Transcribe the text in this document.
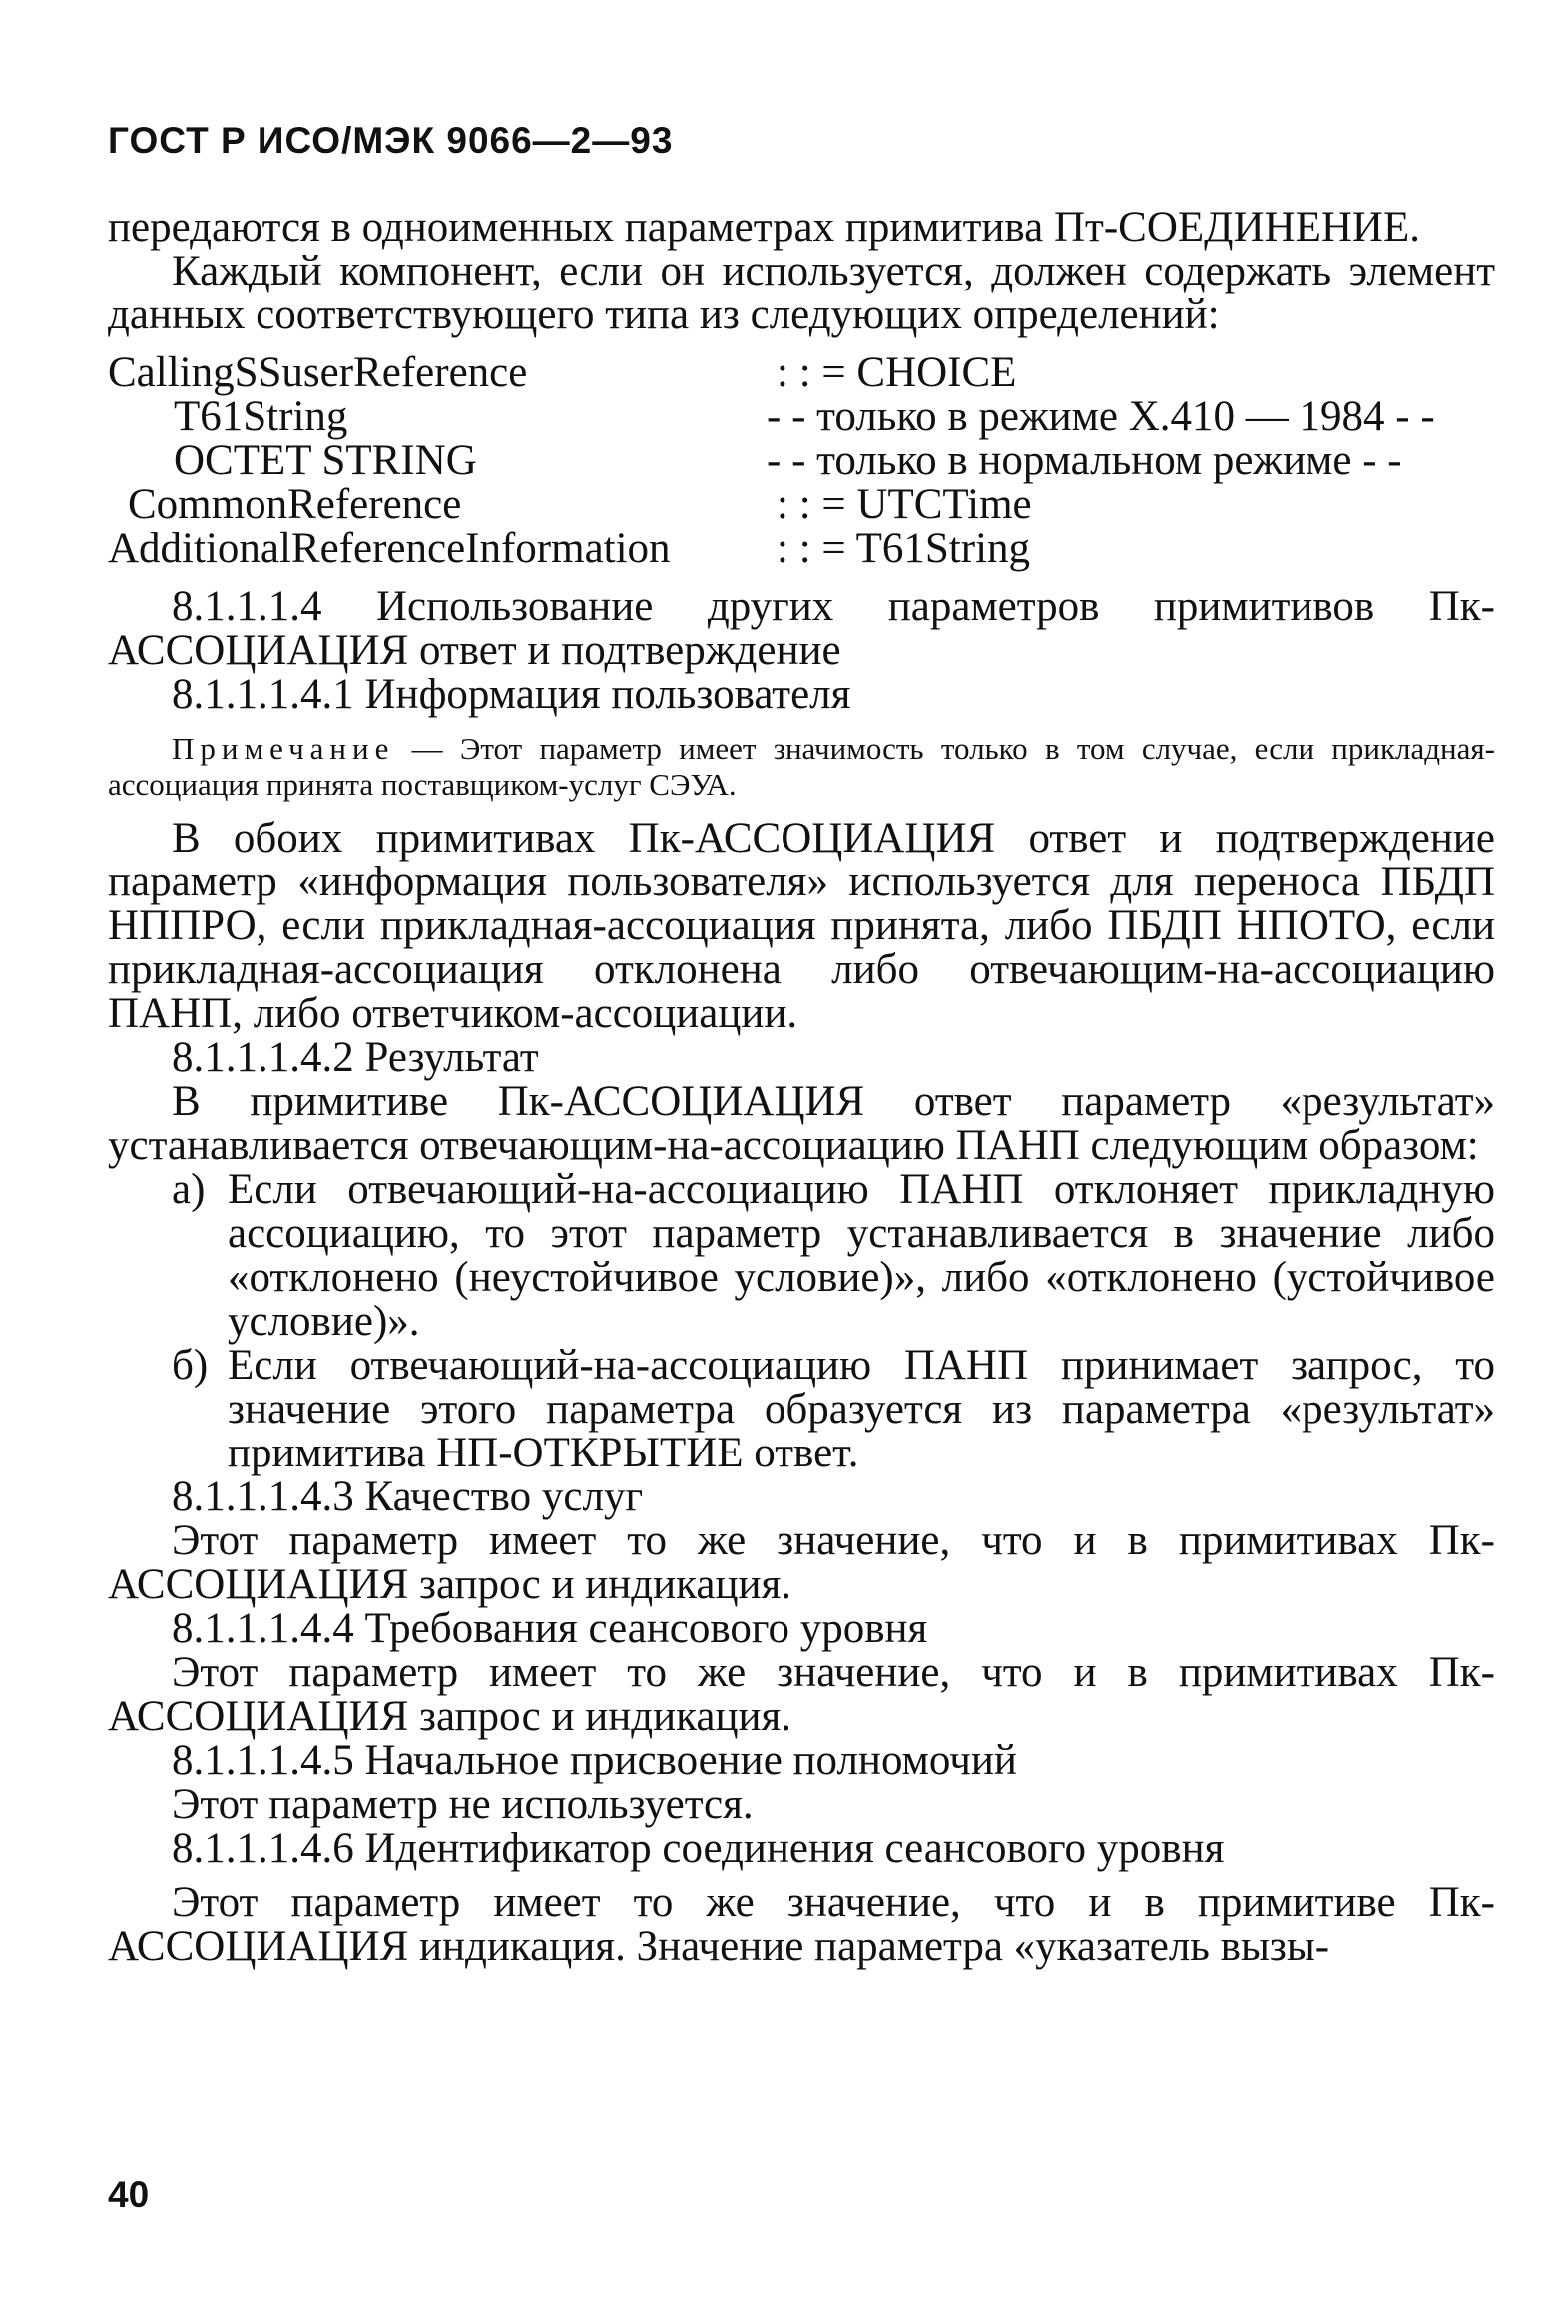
ГОСТ Р ИСО/МЭК 9066—2—93

передаются в одноименных параметрах примитива Пт-СОЕДИНЕНИЕ.

Каждый компонент, если он используется, должен содержать элемент данных соответствующего типа из следующих определений:

CallingSSuserReference	: : = CHOICE
T61String	- - только в режиме X.410 — 1984 - -
OCTET STRING	- - только в нормальном режиме - -
CommonReference	: : = UTCTime
AdditionalReferenceInformation	: : = T61String

8.1.1.1.4 Использование других параметров примитивов Пк-АССОЦИАЦИЯ ответ и подтверждение

8.1.1.1.4.1 Информация пользователя

Примечание — Этот параметр имеет значимость только в том случае, если прикладная-ассоциация принята поставщиком-услуг СЭУА.

В обоих примитивах Пк-АССОЦИАЦИЯ ответ и подтверждение параметр «информация пользователя» используется для переноса ПБДП НППРО, если прикладная-ассоциация принята, либо ПБДП НПОТО, если прикладная-ассоциация отклонена либо отвечающим-на-ассоциацию ПАНП, либо ответчиком-ассоциации.

8.1.1.1.4.2 Результат

В примитиве Пк-АССОЦИАЦИЯ ответ параметр «результат» устанавливается отвечающим-на-ассоциацию ПАНП следующим образом:

а) Если отвечающий-на-ассоциацию ПАНП отклоняет прикладную ассоциацию, то этот параметр устанавливается в значение либо «отклонено (неустойчивое условие)», либо «отклонено (устойчивое условие)».
б) Если отвечающий-на-ассоциацию ПАНП принимает запрос, то значение этого параметра образуется из параметра «результат» примитива НП-ОТКРЫТИЕ ответ.

8.1.1.1.4.3 Качество услуг

Этот параметр имеет то же значение, что и в примитивах Пк-АССОЦИАЦИЯ запрос и индикация.

8.1.1.1.4.4 Требования сеансового уровня

Этот параметр имеет то же значение, что и в примитивах Пк-АССОЦИАЦИЯ запрос и индикация.

8.1.1.1.4.5 Начальное присвоение полномочий

Этот параметр не используется.

8.1.1.1.4.6 Идентификатор соединения сеансового уровня

Этот параметр имеет то же значение, что и в примитиве Пк-АССОЦИАЦИЯ индикация. Значение параметра «указатель вызы-

40
